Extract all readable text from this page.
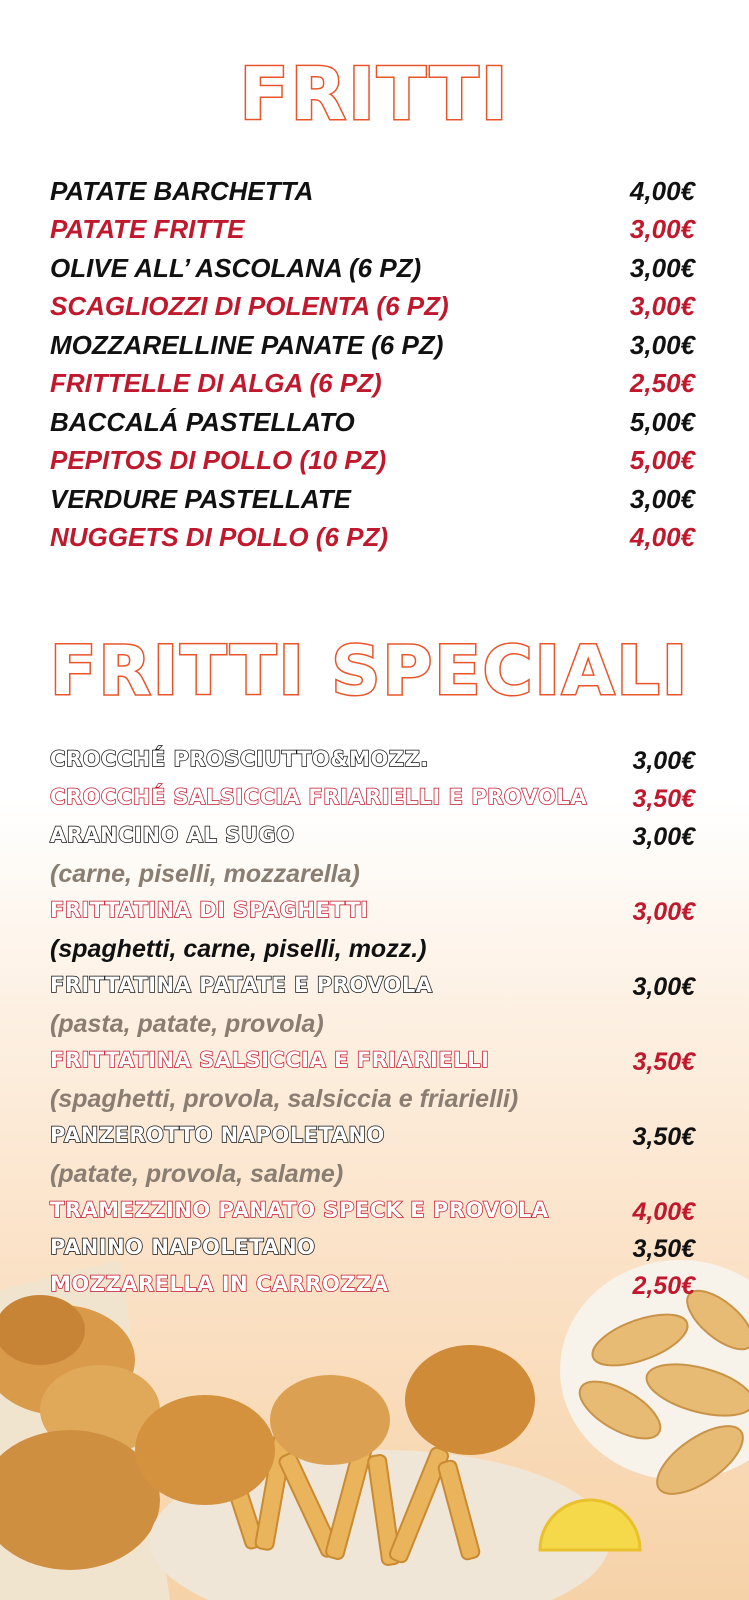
FRITTI
PATATE BARCHETTA	4,00€
PATATE FRITTE	3,00€
OLIVE ALL’ ASCOLANA (6 PZ)	3,00€
SCAGLIOZZI DI POLENTA (6 PZ)	3,00€
MOZZARELLINE PANATE (6 PZ)	3,00€
FRITTELLE DI ALGA (6 PZ)	2,50€
BACCALÁ PASTELLATO	5,00€
PEPITOS DI POLLO (10 PZ)	5,00€
VERDURE PASTELLATE	3,00€
NUGGETS DI POLLO (6 PZ)	4,00€
FRITTI SPECIALI
CROCCHÉ PROSCIUTTO&MOZZ.	3,00€
CROCCHÉ SALSICCIA FRIARIELLI E PROVOLA 3,50€
ARANCINO AL SUGO	3,00€
(carne, piselli, mozzarella)
FRITTATINA DI SPAGHETTI	3,00€
(spaghetti, carne, piselli, mozz.)
FRITTATINA PATATE E PROVOLA	3,00€
(pasta, patate, provola)
FRITTATINA SALSICCIA E FRIARIELLI	3,50€
(spaghetti, provola, salsiccia e friarielli)
PANZEROTTO NAPOLETANO	3,50€
(patate, provola, salame)
TRAMEZZINO PANATO SPECK E PROVOLA	4,00€
PANINO NAPOLETANO	3,50€
MOZZARELLA IN CARROZZA	2,50€
